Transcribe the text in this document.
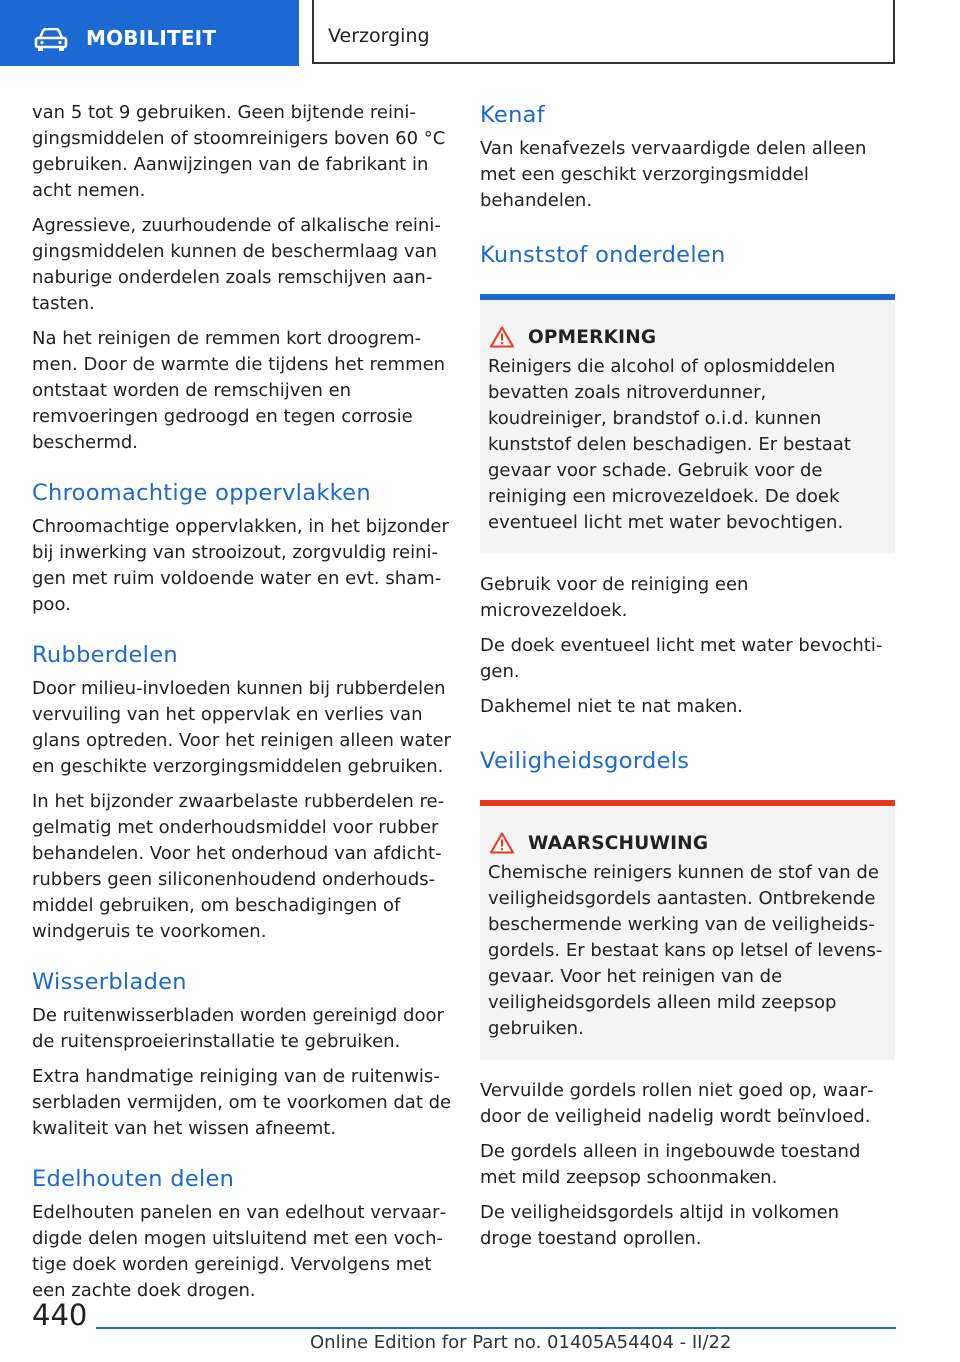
MOBILITEIT	Verzorging

van 5 tot 9 gebruiken. Geen bijtende reinigingsmiddelen of stoomreinigers boven 60 °C gebruiken. Aanwijzingen van de fabrikant in acht nemen.

Agressieve, zuurhoudende of alkalische reinigingsmiddelen kunnen de beschermlaag van naburige onderdelen zoals remschijven aantasten.

Na het reinigen de remmen kort droogremmen. Door de warmte die tijdens het remmen ontstaat worden de remschijven en remvoeringen gedroogd en tegen corrosie beschermd.

Chroomachtige oppervlakken

Chroomachtige oppervlakken, in het bijzonder bij inwerking van strooizout, zorgvuldig reinigen met ruim voldoende water en evt. shampoo.

Rubberdelen

Door milieu-invloeden kunnen bij rubberdelen vervuiling van het oppervlak en verlies van glans optreden. Voor het reinigen alleen water en geschikte verzorgingsmiddelen gebruiken.

In het bijzonder zwaarbelaste rubberdelen regelmatig met onderhoudsmiddel voor rubber behandelen. Voor het onderhoud van afdichtrubbers geen siliconenhoudend onderhoudsmiddel gebruiken, om beschadigingen of windgeruis te voorkomen.

Wisserbladen

De ruitenwisserbladen worden gereinigd door de ruitensproeierinstallatie te gebruiken.

Extra handmatige reiniging van de ruitenwisserbladen vermijden, om te voorkomen dat de kwaliteit van het wissen afneemt.

Edelhouten delen

Edelhouten panelen en van edelhout vervaardigde delen mogen uitsluitend met een vochtige doek worden gereinigd. Vervolgens met een zachte doek drogen.

Kenaf

Van kenafvezels vervaardigde delen alleen met een geschikt verzorgingsmiddel behandelen.

Kunststof onderdelen
OPMERKING

Reinigers die alcohol of oplosmiddelen bevatten zoals nitroverdunner, koudreiniger, brandstof o.i.d. kunnen kunststof delen beschadigen. Er bestaat gevaar voor schade. Gebruik voor de reiniging een microvezeldoek. De doek eventueel licht met water bevochtigen.

Gebruik voor de reiniging een microvezeldoek.

De doek eventueel licht met water bevochtigen.

Dakhemel niet te nat maken.

Veiligheidsgordels
WAARSCHUWING

Chemische reinigers kunnen de stof van de veiligheidsgordels aantasten. Ontbrekende beschermende werking van de veiligheidsgordels. Er bestaat kans op letsel of levensgevaar. Voor het reinigen van de veiligheidsgordels alleen mild zeepsop gebruiken.

Vervuilde gordels rollen niet goed op, waardoor de veiligheid nadelig wordt beïnvloed.

De gordels alleen in ingebouwde toestand met mild zeepsop schoonmaken.

De veiligheidsgordels altijd in volkomen droge toestand oprollen.

440
Online Edition for Part no. 01405A54404 - II/22
